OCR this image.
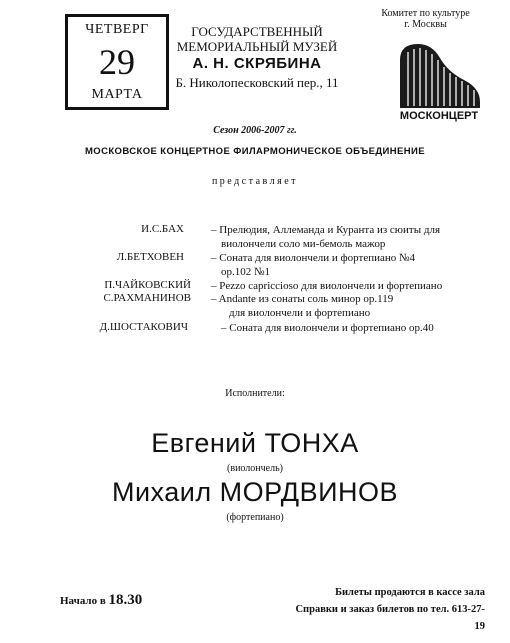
ЧЕТВЕРГ
29
МАРТА
ГОСУДАРСТВЕННЫЙ
МЕМОРИАЛЬНЫЙ МУЗЕЙ
А. Н. СКРЯБИНА
Б. Николопесковский пер., 11
Комитет по культуре
г. Москвы
МОСКОНЦЕРТ
Сезон 2006-2007 гг.
МОСКОВСКОЕ КОНЦЕРТНОЕ ФИЛАРМОНИЧЕСКОЕ ОБЪЕДИНЕНИЕ
представляет
И.С.БАХ – Прелюдия, Аллеманда и Куранта из сюиты для
виолончели соло ми-бемоль мажор
Л.БЕТХОВЕН – Соната для виолончели и фортепиано №4
ор.102 №1
П.ЧАЙКОВСКИЙ – Pezzo capriccioso для виолончели и фортепиано
С.РАХМАНИНОВ – Andante из сонаты соль минор ор.119
для виолончели и фортепиано
Д.ШОСТАКОВИЧ	– Соната для виолончели и фортепиано ор.40
Исполнители:
Евгений ТОНХА
(виолончель)
Михаил МОРДВИНОВ
(фортепиано)
Начало в 18.30	Билеты продаются в кассе зала
Справки и заказ билетов по тел. 613-27-19
